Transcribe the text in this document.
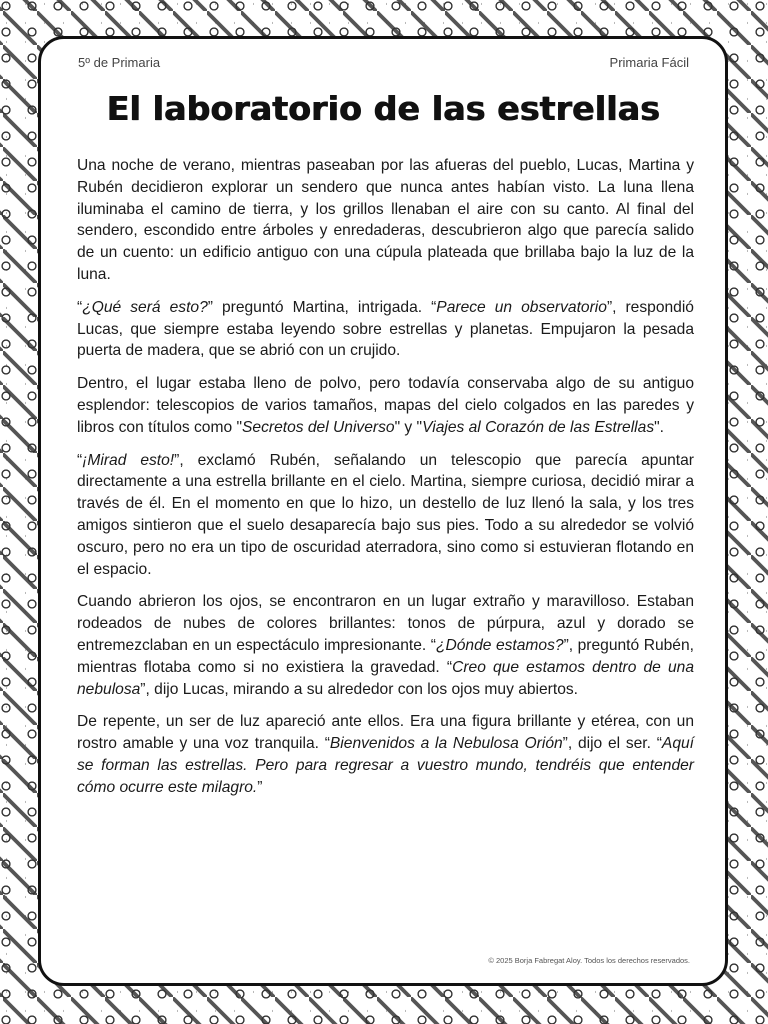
5º de Primaria	Primaria Fácil
El laboratorio de las estrellas

Una noche de verano, mientras paseaban por las afueras del pueblo, Lucas, Martina y Rubén decidieron explorar un sendero que nunca antes habían visto. La luna llena iluminaba el camino de tierra, y los grillos llenaban el aire con su canto. Al final del sendero, escondido entre árboles y enredaderas, descubrieron algo que parecía salido de un cuento: un edificio antiguo con una cúpula plateada que brillaba bajo la luz de la luna.

“¿Qué será esto?” preguntó Martina, intrigada. “Parece un observatorio”, respondió Lucas, que siempre estaba leyendo sobre estrellas y planetas. Empujaron la pesada puerta de madera, que se abrió con un crujido.

Dentro, el lugar estaba lleno de polvo, pero todavía conservaba algo de su antiguo esplendor: telescopios de varios tamaños, mapas del cielo colgados en las paredes y libros con títulos como "Secretos del Universo" y "Viajes al Corazón de las Estrellas".

“¡Mirad esto!”, exclamó Rubén, señalando un telescopio que parecía apuntar directamente a una estrella brillante en el cielo. Martina, siempre curiosa, decidió mirar a través de él. En el momento en que lo hizo, un destello de luz llenó la sala, y los tres amigos sintieron que el suelo desaparecía bajo sus pies. Todo a su alrededor se volvió oscuro, pero no era un tipo de oscuridad aterradora, sino como si estuvieran flotando en el espacio.

Cuando abrieron los ojos, se encontraron en un lugar extraño y maravilloso. Estaban rodeados de nubes de colores brillantes: tonos de púrpura, azul y dorado se entremezclaban en un espectáculo impresionante. “¿Dónde estamos?”, preguntó Rubén, mientras flotaba como si no existiera la gravedad. “Creo que estamos dentro de una nebulosa”, dijo Lucas, mirando a su alrededor con los ojos muy abiertos.

De repente, un ser de luz apareció ante ellos. Era una figura brillante y etérea, con un rostro amable y una voz tranquila. “Bienvenidos a la Nebulosa Orión”, dijo el ser. “Aquí se forman las estrellas. Pero para regresar a vuestro mundo, tendréis que entender cómo ocurre este milagro.”

© 2025 Borja Fabregat Aloy. Todos los derechos reservados.
